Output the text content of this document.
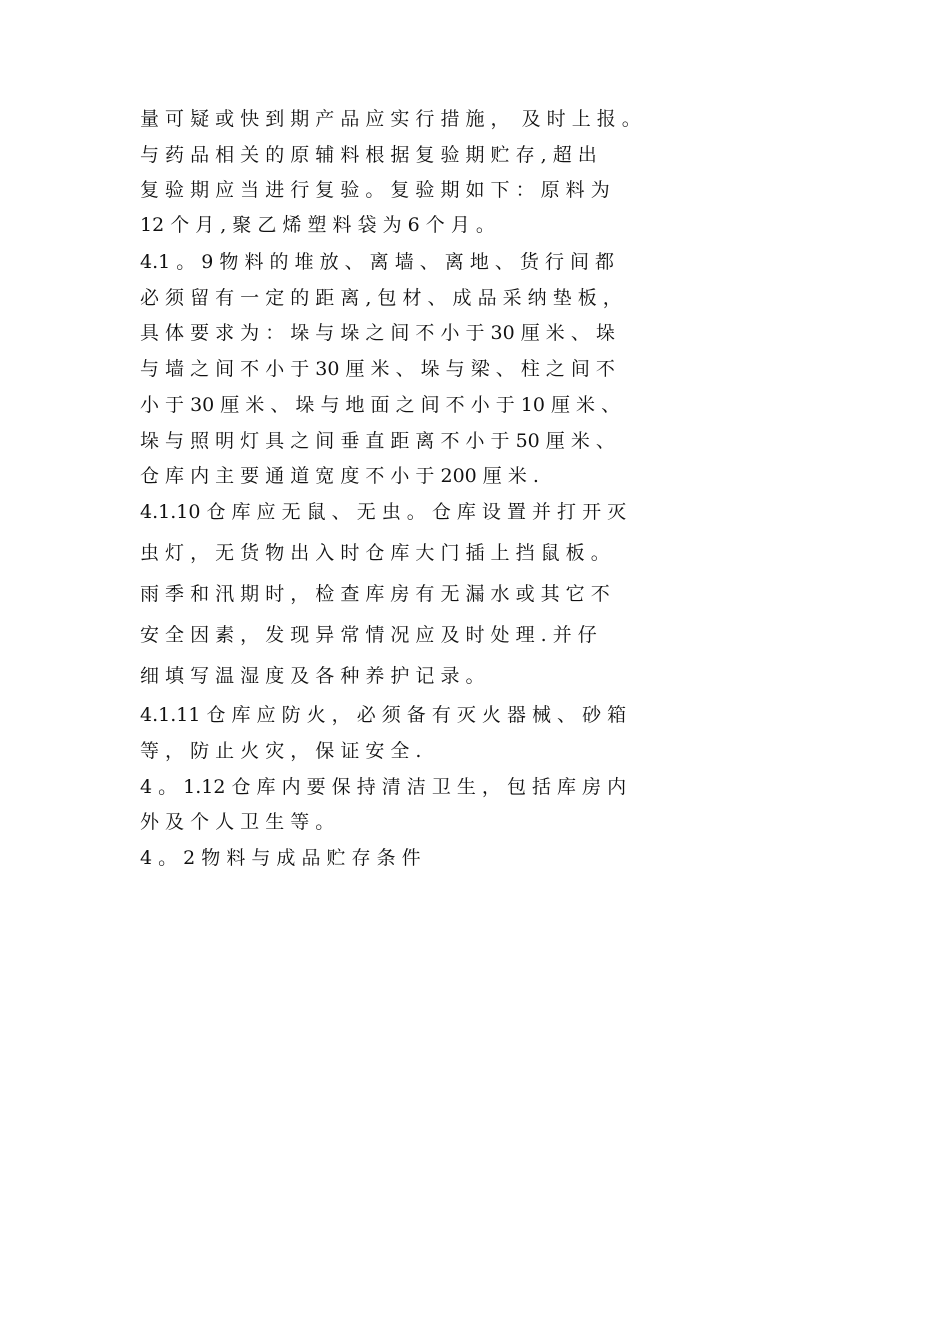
量 可 疑 或 快 到 期 产 品 应 实 行 措 施 ，  及 时 上 报 。
与 药 品 相 关 的 原 辅 料 根 据 复 验 期 贮 存 , 超 出
复 验 期 应 当 进 行 复 验 。 复 验 期 如 下 ： 原 料 为
12 个 月 , 聚 乙 烯 塑 料 袋 为 6 个 月 。
4.1 。 9 物 料 的 堆 放 、 离 墙 、 离 地 、 货 行 间 都
必 须 留 有 一 定 的 距 离 , 包 材 、 成 品 采 纳 垫 板 ，
具 体 要 求 为 ： 垛 与 垛 之 间 不 小 于 30 厘 米 、 垛
与 墙 之 间 不 小 于 30 厘 米 、 垛 与 梁 、 柱 之 间 不
小 于 30 厘 米 、 垛 与 地 面 之 间 不 小 于 10 厘 米 、
垛 与 照 明 灯 具 之 间 垂 直 距 离 不 小 于 50 厘 米 、
仓 库 内 主 要 通 道 宽 度 不 小 于 200 厘 米 .
4.1.10 仓 库 应 无 鼠 、 无 虫 。 仓 库 设 置 并 打 开 灭
虫 灯 ， 无 货 物 出 入 时 仓 库 大 门 插 上 挡 鼠 板 。
雨 季 和 汛 期 时 ， 检 查 库 房 有 无 漏 水 或 其 它 不
安 全 因 素 ， 发 现 异 常 情 况 应 及 时 处 理 . 并 仔
细 填 写 温 湿 度 及 各 种 养 护 记 录 。
4.1.11 仓 库 应 防 火 ， 必 须 备 有 灭 火 器 械 、 砂 箱
等 ， 防 止 火 灾 ， 保 证 安 全 .
4 。 1.12 仓 库 内 要 保 持 清 洁 卫 生 ， 包 括 库 房 内
外 及 个 人 卫 生 等 。
4 。 2 物 料 与 成 品 贮 存 条 件
